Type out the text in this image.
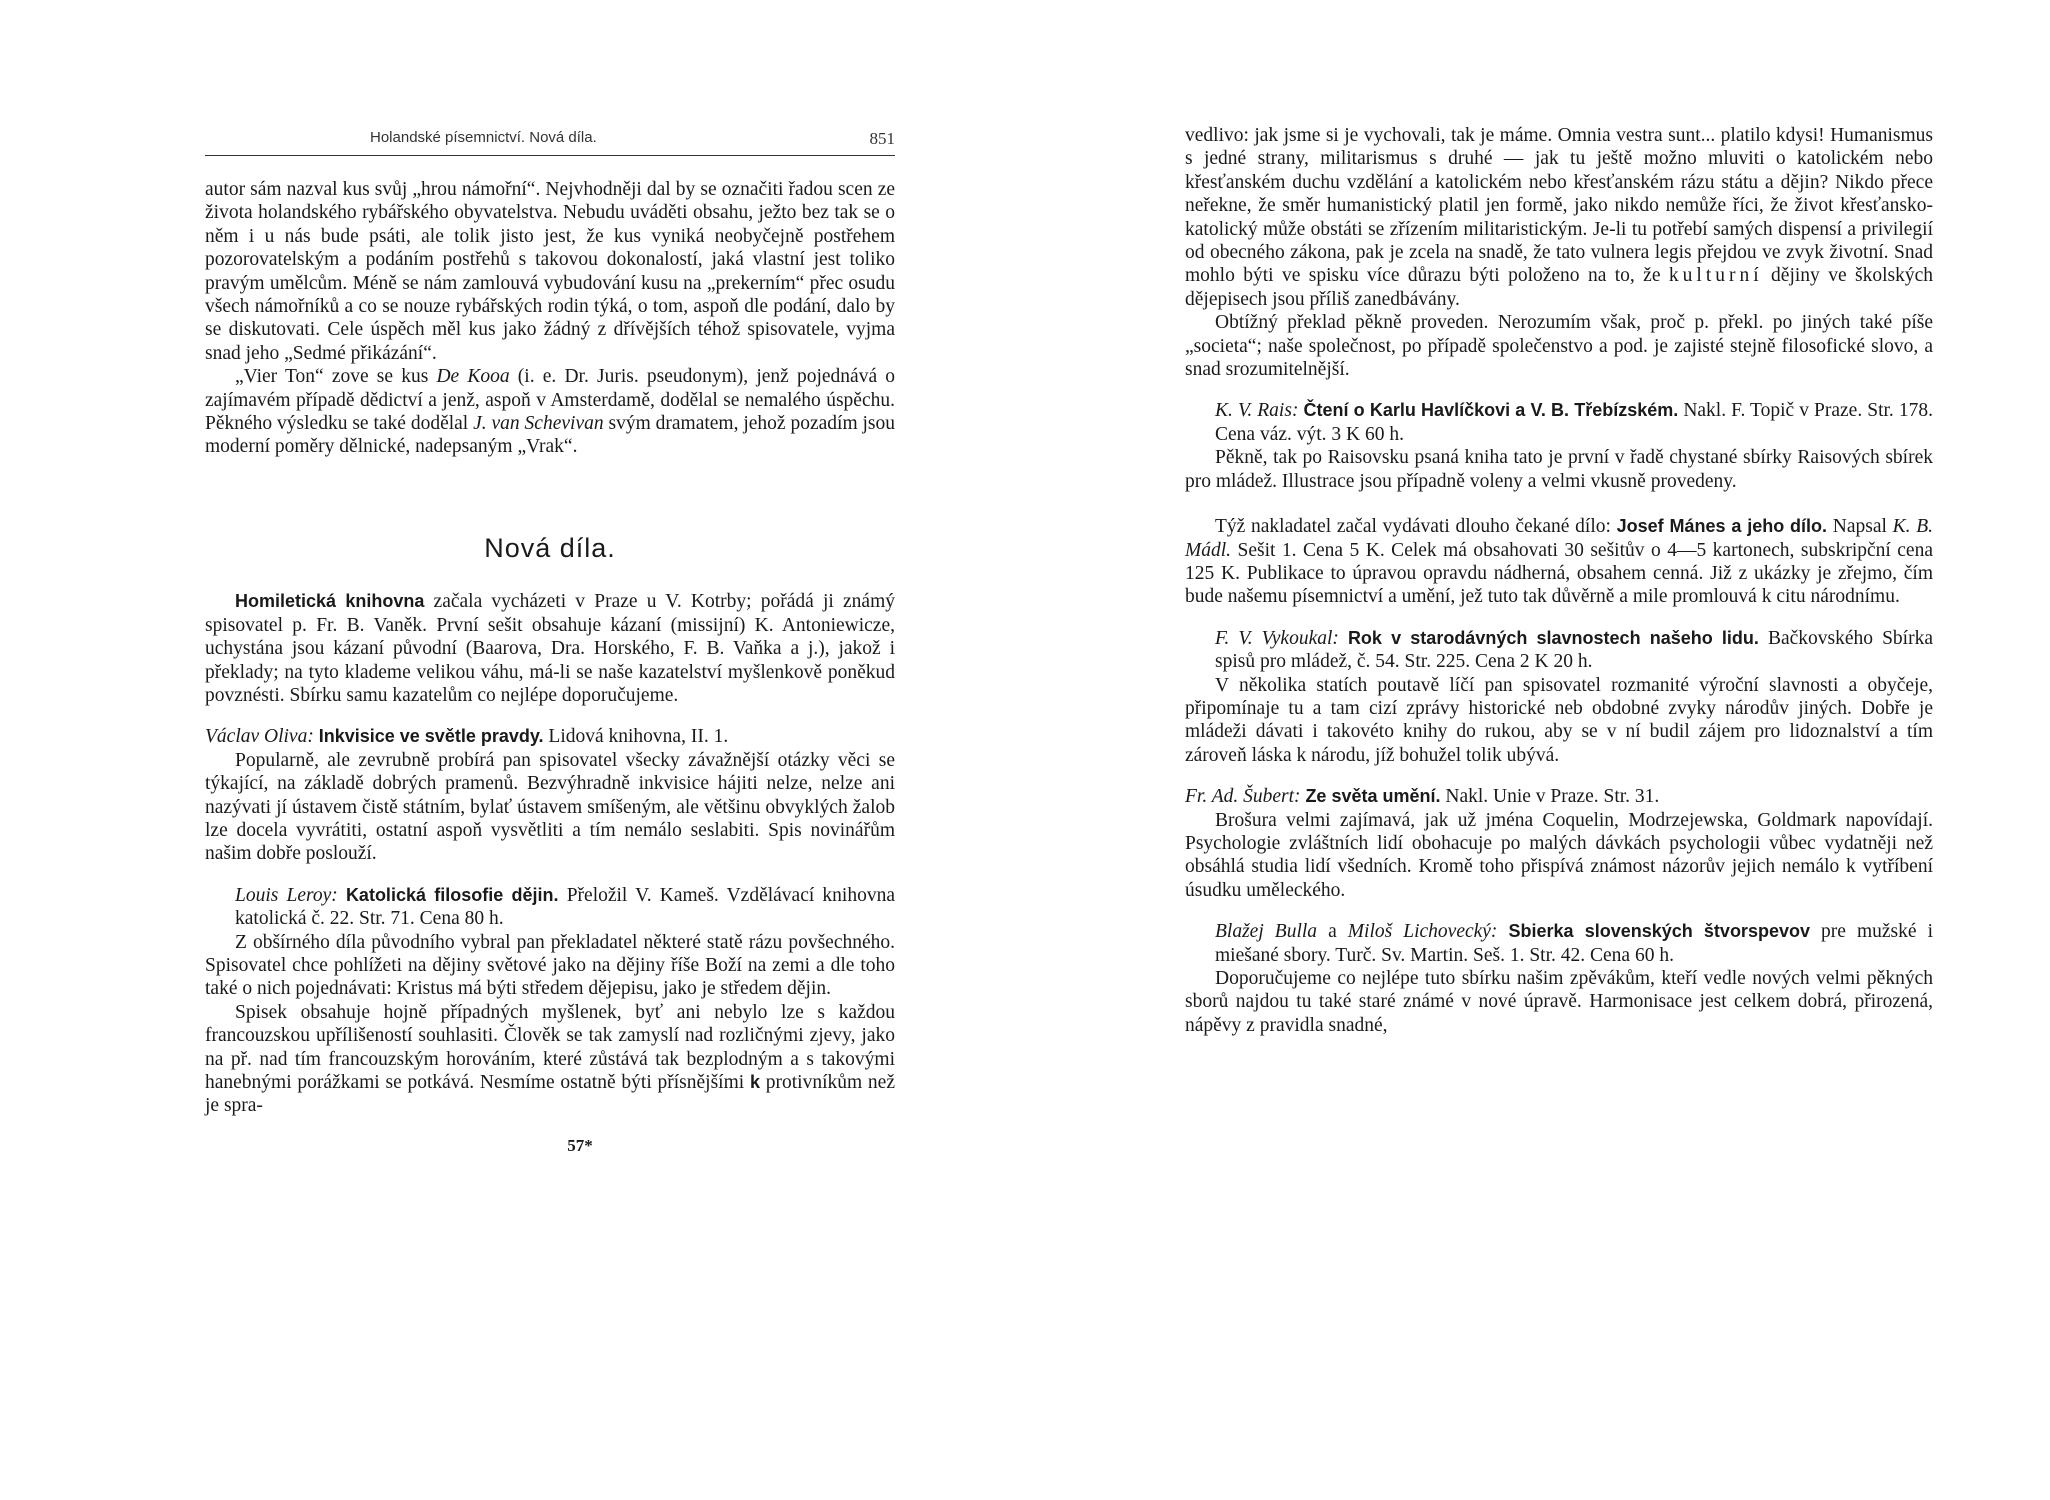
Holandské písemnictví. Nová díla.	851

autor sám nazval kus svůj „hrou námořní“. Nejvhodněji dal by se označiti řadou scen ze života holandského rybářského obyvatelstva. Nebudu uváděti obsahu, ježto bez tak se o něm i u nás bude psáti, ale tolik jisto jest, že kus vyniká neobyčejně postřehem pozorovatelským a podáním postřehů s takovou dokonalostí, jaká vlastní jest toliko pravým umělcům. Méně se nám zamlouvá vybudování kusu na „prekerním“ přec osudu všech námořníků a co se nouze rybářských rodin týká, o tom, aspoň dle podání, dalo by se diskutovati. Cele úspěch měl kus jako žádný z dřívějších téhož spisovatele, vyjma snad jeho „Sedmé přikázání“.

„Vier Ton“ zove se kus De Kooa (i. e. Dr. Juris. pseudonym), jenž pojednává o zajímavém případě dědictví a jenž, aspoň v Amsterdamě, dodělal se nemalého úspěchu. Pěkného výsledku se také dodělal J. van Schevivan svým dramatem, jehož pozadím jsou moderní poměry dělnické, nadepsaným „Vrak“.

Nová díla.

Homiletická knihovna začala vycházeti v Praze u V. Kotrby; pořádá ji známý spisovatel p. Fr. B. Vaněk. První sešit obsahuje kázaní (missijní) K. Antoniewicze, uchystána jsou kázaní původní (Baarova, Dra. Horského, F. B. Vaňka a j.), jakož i překlady; na tyto klademe velikou váhu, má-li se naše kazatelství myšlenkově poněkud povznésti. Sbírku samu kazatelům co nejlépe doporučujeme.

Václav Oliva: Inkvisice ve světle pravdy. Lidová knihovna, II. 1.

Popularně, ale zevrubně probírá pan spisovatel všecky závažnější otázky věci se týkající, na základě dobrých pramenů. Bezvýhradně inkvisice hájiti nelze, nelze ani nazývati jí ústavem čistě státním, bylať ústavem smíšeným, ale většinu obvyklých žalob lze docela vyvrátiti, ostatní aspoň vysvětliti a tím nemálo seslabiti. Spis novinářům našim dobře poslouží.

Louis Leroy: Katolická filosofie dějin. Přeložil V. Kameš. Vzdělávací knihovna katolická č. 22. Str. 71. Cena 80 h.

Z obšírného díla původního vybral pan překladatel některé statě rázu povšechného. Spisovatel chce pohlížeti na dějiny světové jako na dějiny říše Boží na zemi a dle toho také o nich pojednávati: Kristus má býti středem dějepisu, jako je středem dějin.

Spisek obsahuje hojně případných myšlenek, byť ani nebylo lze s každou francouzskou upřílišeností souhlasiti. Člověk se tak zamyslí nad rozličnými zjevy, jako na př. nad tím francouzským horováním, které zůstává tak bezplodným a s takovými hanebnými porážkami se potkává. Nesmíme ostatně býti přísnějšími k protivníkům než je spra-

57*

vedlivo: jak jsme si je vychovali, tak je máme. Omnia vestra sunt... platilo kdysi! Humanismus s jedné strany, militarismus s druhé — jak tu ještě možno mluviti o katolickém nebo křesťanském duchu vzdělání a katolickém nebo křesťanském rázu státu a dějin? Nikdo přece neřekne, že směr humanistický platil jen formě, jako nikdo nemůže říci, že život křesťansko-katolický může obstáti se zřízením militaristickým. Je-li tu potřebí samých dispensí a privilegií od obecného zákona, pak je zcela na snadě, že tato vulnera legis přejdou ve zvyk životní. Snad mohlo býti ve spisku více důrazu býti položeno na to, že kulturní dějiny ve školských dějepisech jsou příliš zanedbávány.

Obtížný překlad pěkně proveden. Nerozumím však, proč p. překl. po jiných také píše „societa“; naše společnost, po případě společenstvo a pod. je zajisté stejně filosofické slovo, a snad srozumitelnější.

K. V. Rais: Čtení o Karlu Havlíčkovi a V. B. Třebízském. Nakl. F. Topič v Praze. Str. 178. Cena váz. výt. 3 K 60 h.

Pěkně, tak po Raisovsku psaná kniha tato je první v řadě chystané sbírky Raisových sbírek pro mládež. Illustrace jsou případně voleny a velmi vkusně provedeny.

Týž nakladatel začal vydávati dlouho čekané dílo: Josef Mánes a jeho dílo. Napsal K. B. Mádl. Sešit 1. Cena 5 K. Celek má obsahovati 30 sešitův o 4—5 kartonech, subskripční cena 125 K. Publikace to úpravou opravdu nádherná, obsahem cenná. Již z ukázky je zřejmo, čím bude našemu písemnictví a umění, jež tuto tak důvěrně a mile promlouvá k citu národnímu.

F. V. Vykoukal: Rok v starodávných slavnostech našeho lidu. Bačkovského Sbírka spisů pro mládež, č. 54. Str. 225. Cena 2 K 20 h.

V několika statích poutavě líčí pan spisovatel rozmanité výroční slavnosti a obyčeje, připomínaje tu a tam cizí zprávy historické neb obdobné zvyky národův jiných. Dobře je mládeži dávati i takovéto knihy do rukou, aby se v ní budil zájem pro lidoznalství a tím zároveň láska k národu, jíž bohužel tolik ubývá.

Fr. Ad. Šubert: Ze světa umění. Nakl. Unie v Praze. Str. 31.

Brošura velmi zajímavá, jak už jména Coquelin, Modrzejewska, Goldmark napovídají. Psychologie zvláštních lidí obohacuje po malých dávkách psychologii vůbec vydatněji než obsáhlá studia lidí všedních. Kromě toho přispívá známost názorův jejich nemálo k vytříbení úsudku uměleckého.

Blažej Bulla a Miloš Lichovecký: Sbierka slovenských štvorspevov pre mužské i miešané sbory. Turč. Sv. Martin. Seš. 1. Str. 42. Cena 60 h.

Doporučujeme co nejlépe tuto sbírku našim zpěvákům, kteří vedle nových velmi pěkných sborů najdou tu také staré známé v nové úpravě. Harmonisace jest celkem dobrá, přirozená, nápěvy z pravidla snadné,
